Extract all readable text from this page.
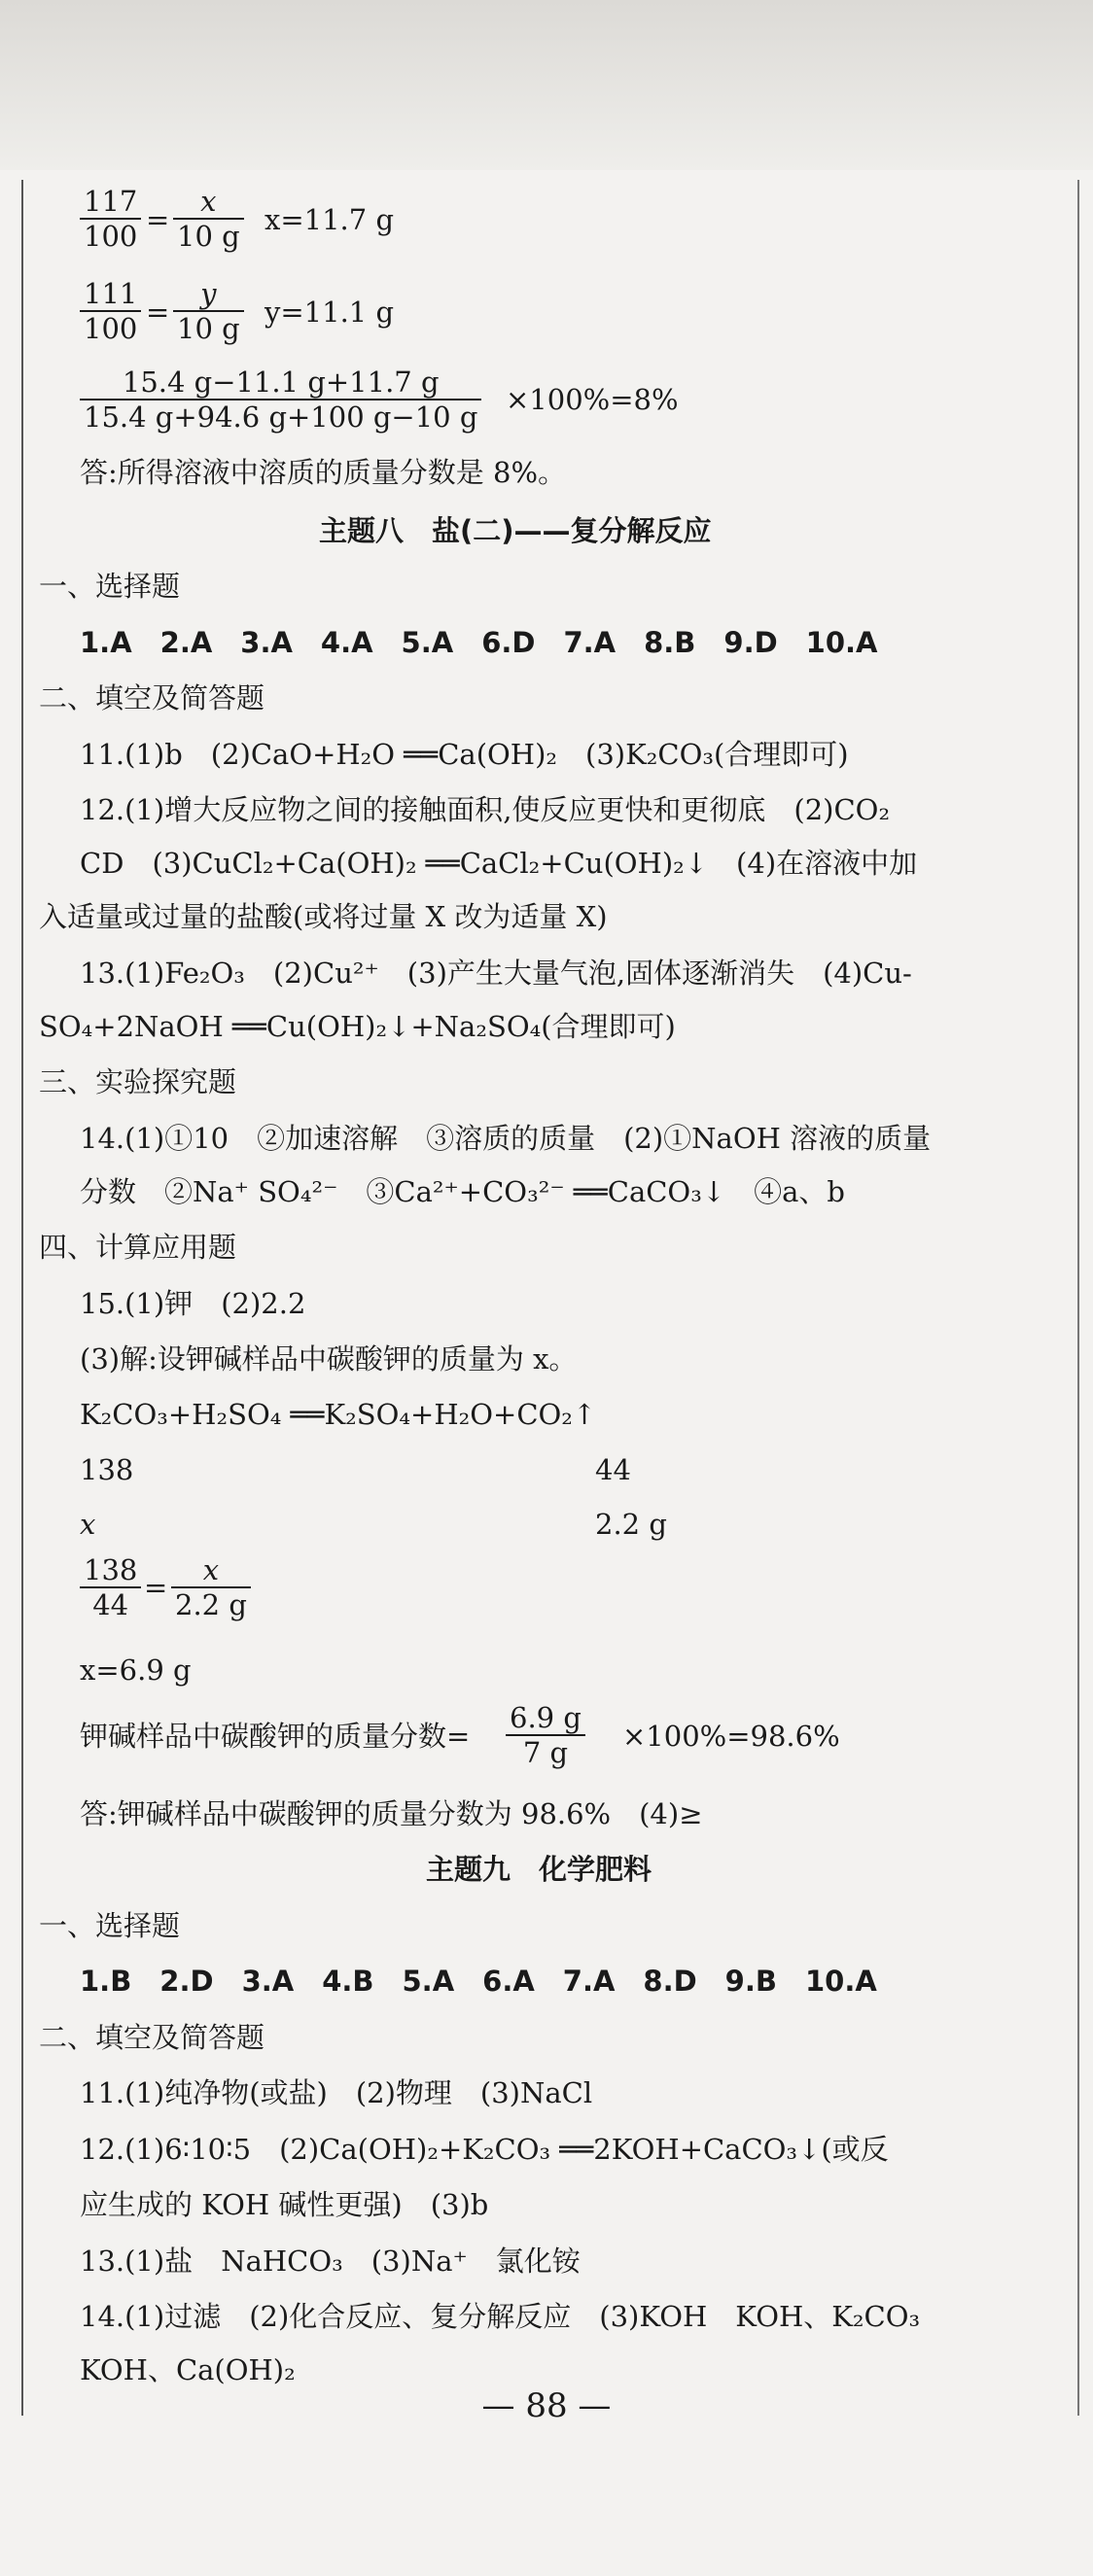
$\frac{117}{100} = \frac{x}{10 g} x=11.7$ g
$\frac{111}{100} = \frac{y}{10 g} y=11.1$ g
$\frac{15.4 g-11.1 g+11.7 g}{15.4 g+94.6 g+100 g-10 g} \times 100\%=8\%$
答:所得溶液中溶质的质量分数是 8%。
主题八　盐(二)——复分解反应
一、选择题
1.A　2.A　3.A　4.A　5.A　6.D　7.A　8.B　9.D　10.A
二、填空及简答题
11.(1)b　(2)CaO+H₂O ══Ca(OH)₂　(3)K₂CO₃(合理即可)
12.(1)增大反应物之间的接触面积,使反应更快和更彻底　(2)CO₂
CD　(3)CuCl₂+Ca(OH)₂ ══CaCl₂+Cu(OH)₂↓　(4)在溶液中加
入适量或过量的盐酸(或将过量 X 改为适量 X)
13.(1)Fe₂O₃　(2)Cu²⁺　(3)产生大量气泡,固体逐渐消失　(4)Cu-
SO₄+2NaOH ══Cu(OH)₂↓+Na₂SO₄(合理即可)
三、实验探究题
14.(1)①10　②加速溶解　③溶质的质量　(2)①NaOH 溶液的质量
分数　②Na⁺ SO₄²⁻　③Ca²⁺+CO₃²⁻ ══CaCO₃↓　④a、b
四、计算应用题
15.(1)钾　(2)2.2
(3)解:设钾碱样品中碳酸钾的质量为 x。
K₂CO₃+H₂SO₄ ══K₂SO₄+H₂O+CO₂↑
138	44
x	2.2 g
$\frac{138}{44} = \frac{x}{2.2 g}$
x=6.9 g
钾碱样品中碳酸钾的质量分数= $\frac{6.9 g}{7 g} \times 100\%=98.6\%$
答:钾碱样品中碳酸钾的质量分数为 98.6%　(4)≥
主题九　化学肥料
一、选择题
1.B　2.D　3.A　4.B　5.A　6.A　7.A　8.D　9.B　10.A
二、填空及简答题
11.(1)纯净物(或盐)　(2)物理　(3)NaCl
12.(1)6∶10∶5　(2)Ca(OH)₂+K₂CO₃ ══2KOH+CaCO₃↓(或反
应生成的 KOH 碱性更强)　(3)b
13.(1)盐　NaHCO₃　(3)Na⁺　氯化铵
14.(1)过滤　(2)化合反应、复分解反应　(3)KOH　KOH、K₂CO₃
KOH、Ca(OH)₂
— 88 —
